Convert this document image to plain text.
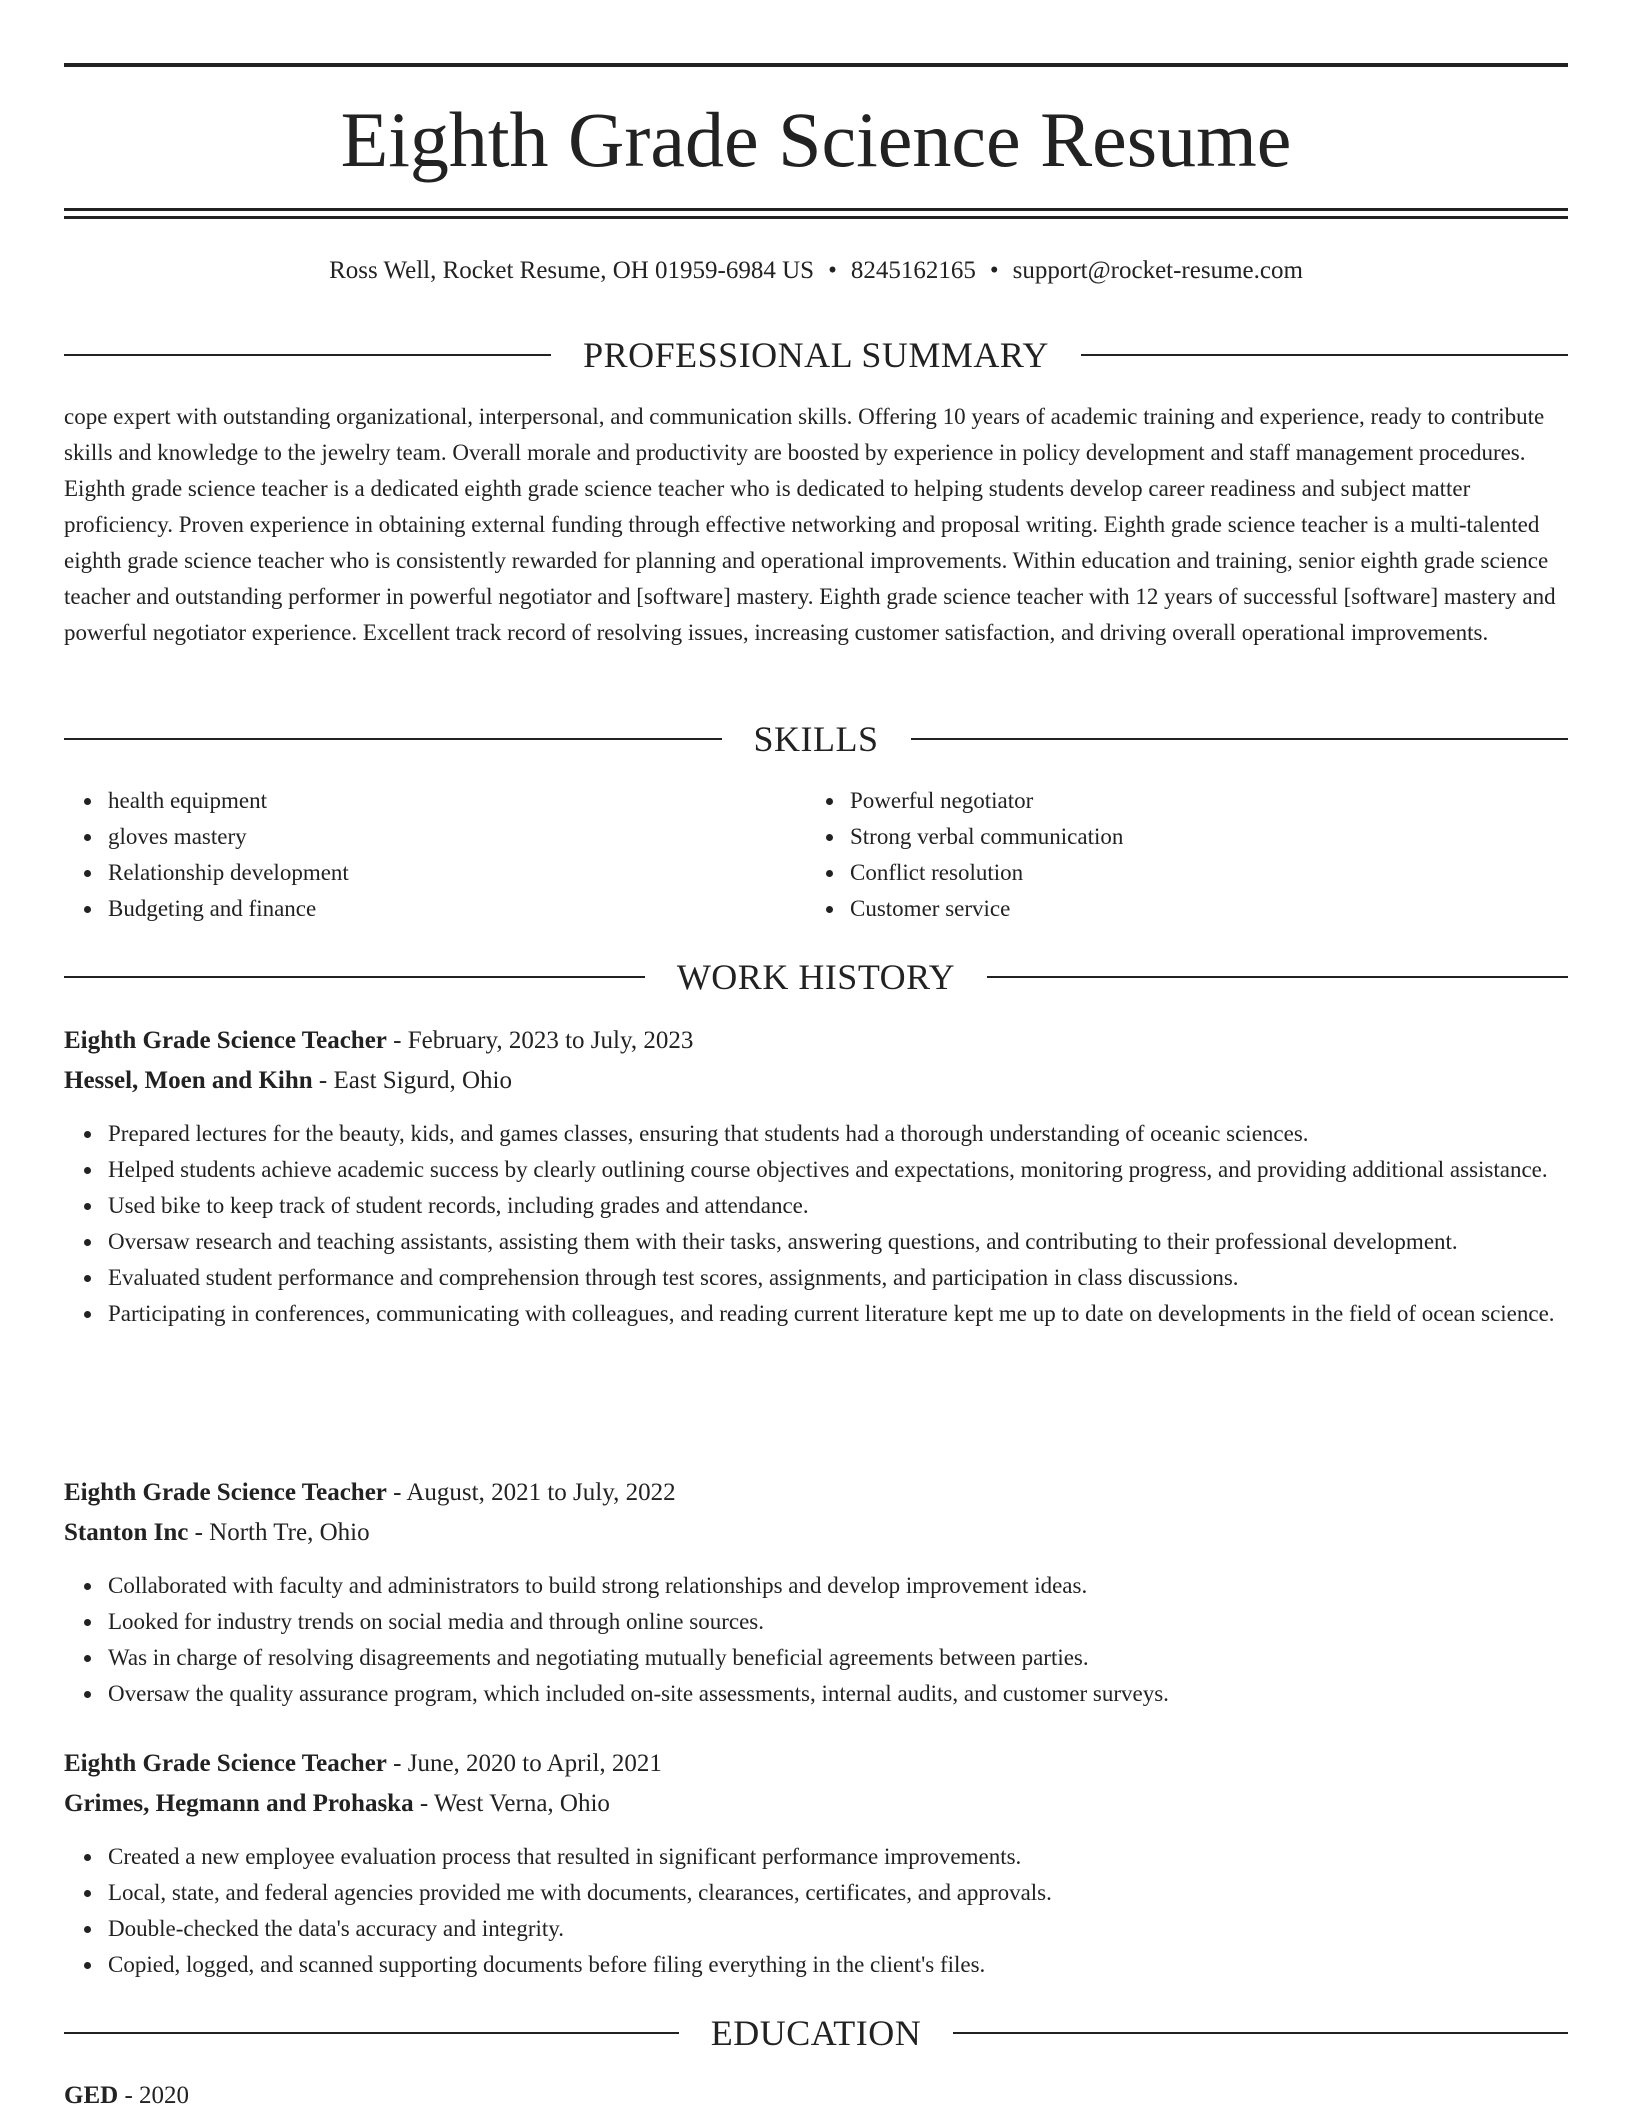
Eighth Grade Science Resume
Ross Well, Rocket Resume, OH 01959-6984 US • 8245162165 • support@rocket-resume.com
PROFESSIONAL SUMMARY

cope expert with outstanding organizational, interpersonal, and communication skills. Offering 10 years of academic training and experience, ready to contribute skills and knowledge to the jewelry team. Overall morale and productivity are boosted by experience in policy development and staff management procedures. Eighth grade science teacher is a dedicated eighth grade science teacher who is dedicated to helping students develop career readiness and subject matter proficiency. Proven experience in obtaining external funding through effective networking and proposal writing. Eighth grade science teacher is a multi-talented eighth grade science teacher who is consistently rewarded for planning and operational improvements. Within education and training, senior eighth grade science teacher and outstanding performer in powerful negotiator and [software] mastery. Eighth grade science teacher with 12 years of successful [software] mastery and powerful negotiator experience. Excellent track record of resolving issues, increasing customer satisfaction, and driving overall operational improvements.

SKILLS
health equipment
gloves mastery
Relationship development
Budgeting and finance
Powerful negotiator
Strong verbal communication
Conflict resolution
Customer service
WORK HISTORY
Eighth Grade Science Teacher - February, 2023 to July, 2023
Hessel, Moen and Kihn - East Sigurd, Ohio
Prepared lectures for the beauty, kids, and games classes, ensuring that students had a thorough understanding of oceanic sciences.
Helped students achieve academic success by clearly outlining course objectives and expectations, monitoring progress, and providing additional assistance.
Used bike to keep track of student records, including grades and attendance.
Oversaw research and teaching assistants, assisting them with their tasks, answering questions, and contributing to their professional development.
Evaluated student performance and comprehension through test scores, assignments, and participation in class discussions.
Participating in conferences, communicating with colleagues, and reading current literature kept me up to date on developments in the field of ocean science.
Eighth Grade Science Teacher - August, 2021 to July, 2022
Stanton Inc - North Tre, Ohio
Collaborated with faculty and administrators to build strong relationships and develop improvement ideas.
Looked for industry trends on social media and through online sources.
Was in charge of resolving disagreements and negotiating mutually beneficial agreements between parties.
Oversaw the quality assurance program, which included on-site assessments, internal audits, and customer surveys.
Eighth Grade Science Teacher - June, 2020 to April, 2021
Grimes, Hegmann and Prohaska - West Verna, Ohio
Created a new employee evaluation process that resulted in significant performance improvements.
Local, state, and federal agencies provided me with documents, clearances, certificates, and approvals.
Double-checked the data's accuracy and integrity.
Copied, logged, and scanned supporting documents before filing everything in the client's files.
EDUCATION
GED - 2020
